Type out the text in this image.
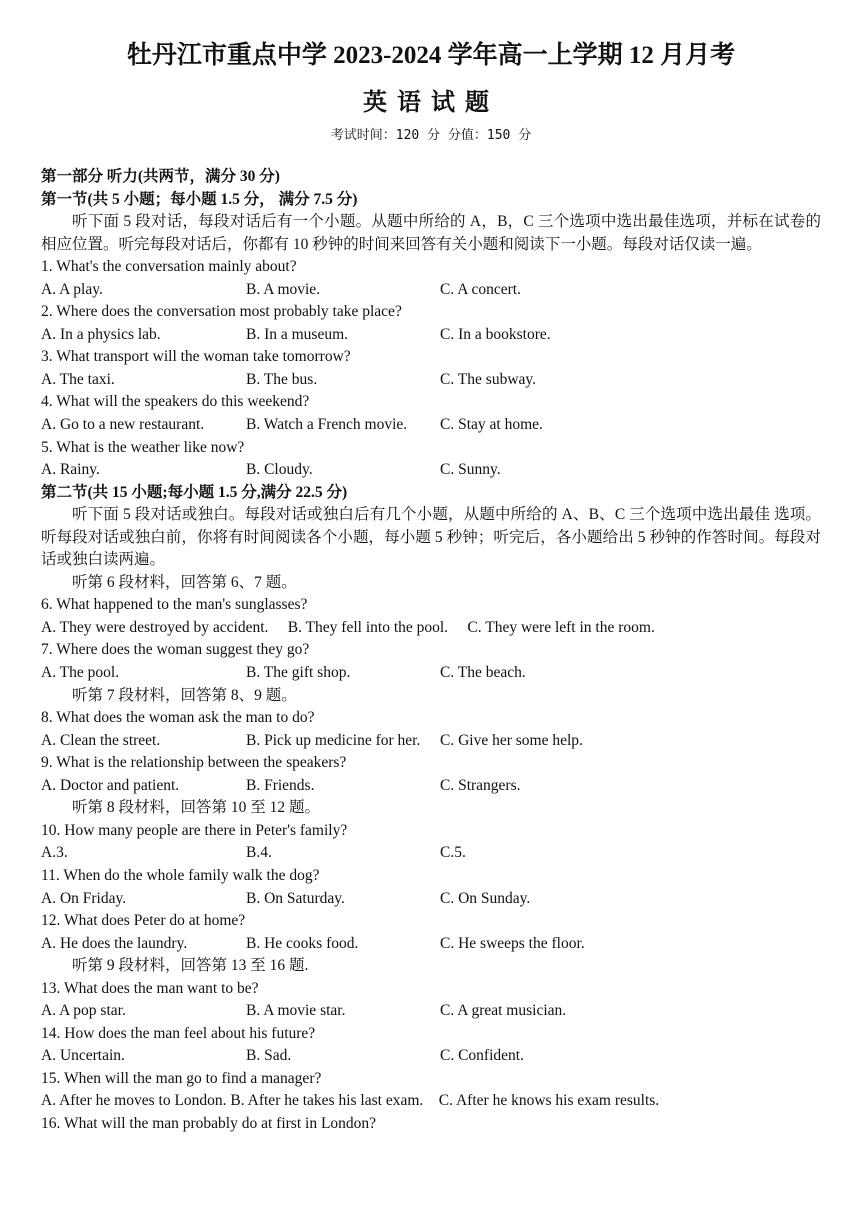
牡丹江市重点中学 2023-2024 学年高一上学期 12 月月考
英语试题
考试时间：120 分 分值：150 分
第一部分 听力(共两节，满分 30 分)
第一节(共 5 小题；每小题 1.5 分， 满分 7.5 分)
听下面 5 段对话，每段对话后有一个小题。从题中所给的 A，B，C 三个选项中选出最佳选项，并标在试卷的相应位置。听完每段对话后，你都有 10 秒钟的时间来回答有关小题和阅读下一小题。每段对话仅读一遍。
1. What's the conversation mainly about?
A. A play.	B. A movie.	C. A concert.
2. Where does the conversation most probably take place?
A. In a physics lab.	B. In a museum.	C. In a bookstore.
3. What transport will the woman take tomorrow?
A. The taxi.	B. The bus.	C. The subway.
4. What will the speakers do this weekend?
A. Go to a new restaurant.	B. Watch a French movie. C. Stay at home.
5. What is the weather like now?
A. Rainy.	B. Cloudy.	C. Sunny.
第二节(共 15 小题;每小题 1.5 分,满分 22.5 分)
听下面 5 段对话或独白。每段对话或独白后有几个小题，从题中所给的 A、B、C 三个选项中选出最佳 选项。听每段对话或独白前，你将有时间阅读各个小题，每小题 5 秒钟；听完后，各小题给出 5 秒钟的作答时间。每段对话或独白读两遍。
听第 6 段材料，回答第 6、7 题。
6. What happened to the man's sunglasses?
A. They were destroyed by accident.     B. They fell into the pool.     C. They were left in the room.
7. Where does the woman suggest they go?
A. The pool.	B. The gift shop.	C. The beach.
听第 7 段材料，回答第 8、9 题。
8. What does the woman ask the man to do?
A. Clean the street.	B. Pick up medicine for her. C. Give her some help.
9. What is the relationship between the speakers?
A. Doctor and patient.	B. Friends.	C. Strangers.
听第 8 段材料，回答第 10 至 12 题。
10. How many people are there in Peter's family?
A.3.	B.4.	C.5.
11. When do the whole family walk the dog?
A. On Friday.	B. On Saturday.	C. On Sunday.
12. What does Peter do at home?
A. He does the laundry.	B. He cooks food.	C. He sweeps the floor.
听第 9 段材料，回答第 13 至 16 题.
13. What does the man want to be?
A. A pop star.	B. A movie star.	C. A great musician.
14. How does the man feel about his future?
A. Uncertain.	B. Sad.	C. Confident.
15. When will the man go to find a manager?
A. After he moves to London. B. After he takes his last exam.    C. After he knows his exam results.
16. What will the man probably do at first in London?
